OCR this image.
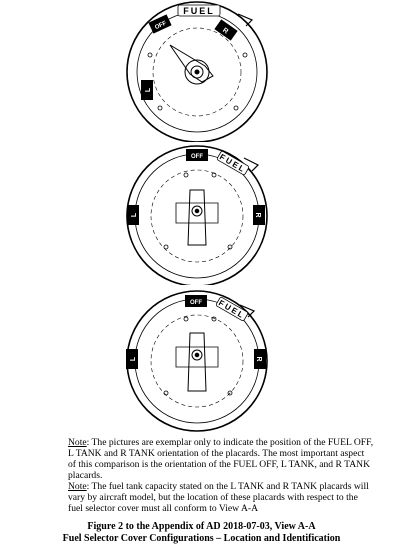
FUEL
OFF
L
R
FUEL
OFF
L	R
FUEL
OFF
L	R

Note: The pictures are exemplar only to indicate the position of the FUEL OFF, L TANK and R TANK orientation of the placards. The most important aspect of this comparison is the orientation of the FUEL OFF, L TANK, and R TANK placards.

Note: The fuel tank capacity stated on the L TANK and R TANK placards will vary by aircraft model, but the location of these placards with respect to the fuel selector cover must all conform to View A-A

Figure 2 to the Appendix of AD 2018-07-03, View A-A
Fuel Selector Cover Configurations – Location and Identification
